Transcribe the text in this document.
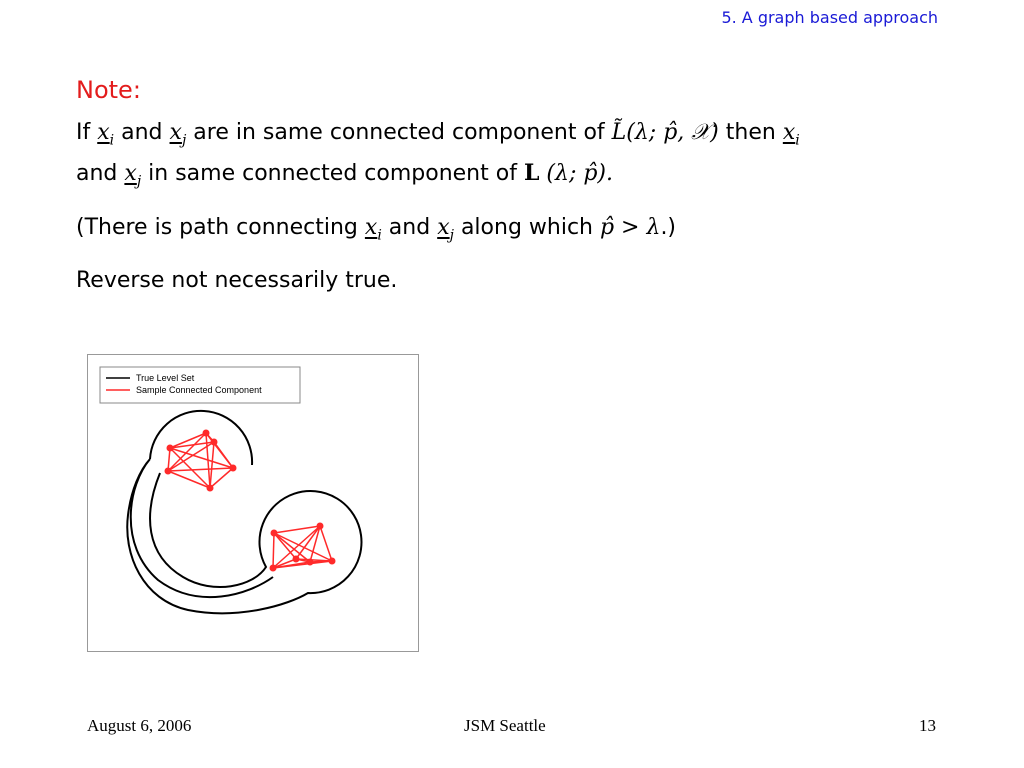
5. A graph based approach
Note:
If $x_i$ and $x_j$ are in same connected component of L̃(λ; p̂, 𝒳) then $x_i$
and $x_j$ in same connected component of L (λ; p̂).
(There is path connecting $x_i$ and $x_j$ along which p̂ > λ.)
Reverse not necessarily true.
True Level Set
Sample Connected Component
August 6, 2006	JSM Seattle	13
